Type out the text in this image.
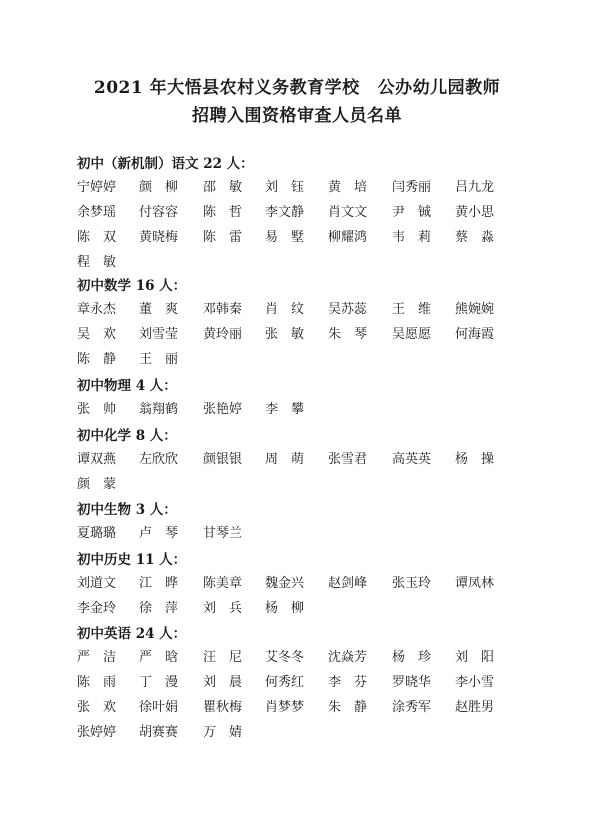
2021 年大悟县农村义务教育学校 公办幼儿园教师
招聘入围资格审查人员名单
初中（新机制）语文 22 人：
宁婷婷 颜柳 邵敏 刘钰 黄培 闫秀丽 吕九龙
余梦瑶 付容容 陈哲 李文静 肖文文 尹铖 黄小思
陈双 黄晓梅 陈雷 易墅 柳耀鸿 韦莉 蔡淼
程敏
初中数学 16 人：
章永杰 董爽 邓韩秦 肖纹 吴苏蕊 王维 熊婉婉
吴欢 刘雪莹 黄玲丽 张敏 朱琴 吴愿愿 何海霞
陈静 王丽
初中物理 4 人：
张帅 翁翔鹤 张艳婷 李攀
初中化学 8 人：
谭双燕 左欣欣 颜银银 周萌 张雪君 高英英 杨操
颜蒙
初中生物 3 人：
夏璐璐 卢琴 甘琴兰
初中历史 11 人：
刘道文 江晔 陈美章 魏金兴 赵剑峰 张玉玲 谭凤林
李金玲 徐萍 刘兵 杨柳
初中英语 24 人：
严洁 严晗 汪尼 艾冬冬 沈焱芳 杨珍 刘阳
陈雨 丁漫 刘晨 何秀红 李芬 罗晓华 李小雪
张欢 徐叶娟 瞿秋梅 肖梦梦 朱静 涂秀军 赵胜男
张婷婷 胡赛赛 万婧
